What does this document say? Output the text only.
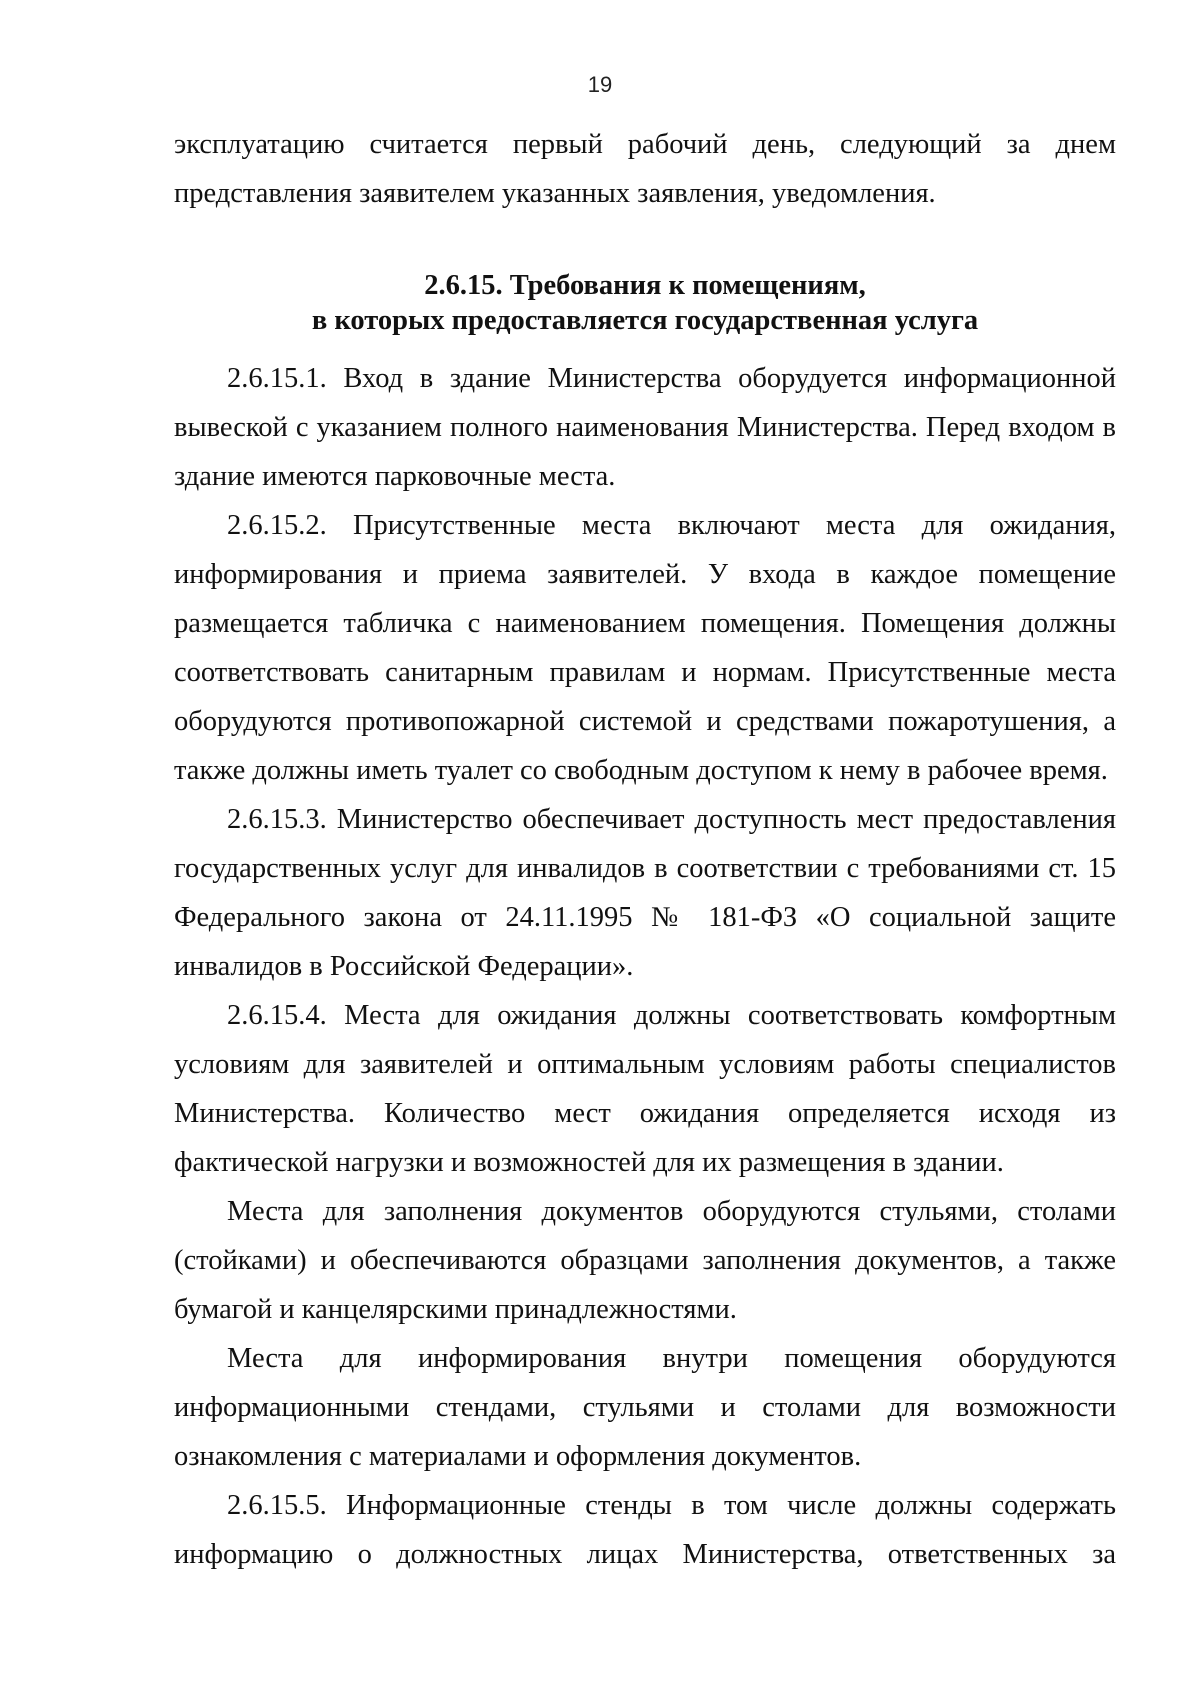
19

эксплуатацию считается первый рабочий день, следующий за днем
представления заявителем указанных заявления, уведомления.

2.6.15. Требования к помещениям,
в которых предоставляется государственная услуга

2.6.15.1. Вход в здание Министерства оборудуется информационной
вывеской с указанием полного наименования Министерства. Перед входом в
здание имеются парковочные места.

2.6.15.2. Присутственные места включают места для ожидания,
информирования и приема заявителей. У входа в каждое помещение
размещается табличка с наименованием помещения. Помещения должны
соответствовать санитарным правилам и нормам. Присутственные места
оборудуются противопожарной системой и средствами пожаротушения, а
также должны иметь туалет со свободным доступом к нему в рабочее время.

2.6.15.3. Министерство обеспечивает доступность мест предоставления
государственных услуг для инвалидов в соответствии с требованиями ст. 15
Федерального закона от 24.11.1995 № 181-ФЗ «О социальной защите
инвалидов в Российской Федерации».

2.6.15.4. Места для ожидания должны соответствовать комфортным
условиям для заявителей и оптимальным условиям работы специалистов
Министерства. Количество мест ожидания определяется исходя из
фактической нагрузки и возможностей для их размещения в здании.

Места для заполнения документов оборудуются стульями, столами
(стойками) и обеспечиваются образцами заполнения документов, а также
бумагой и канцелярскими принадлежностями.

Места для информирования внутри помещения оборудуются
информационными стендами, стульями и столами для возможности
ознакомления с материалами и оформления документов.

2.6.15.5. Информационные стенды в том числе должны содержать
информацию о должностных лицах Министерства, ответственных за
